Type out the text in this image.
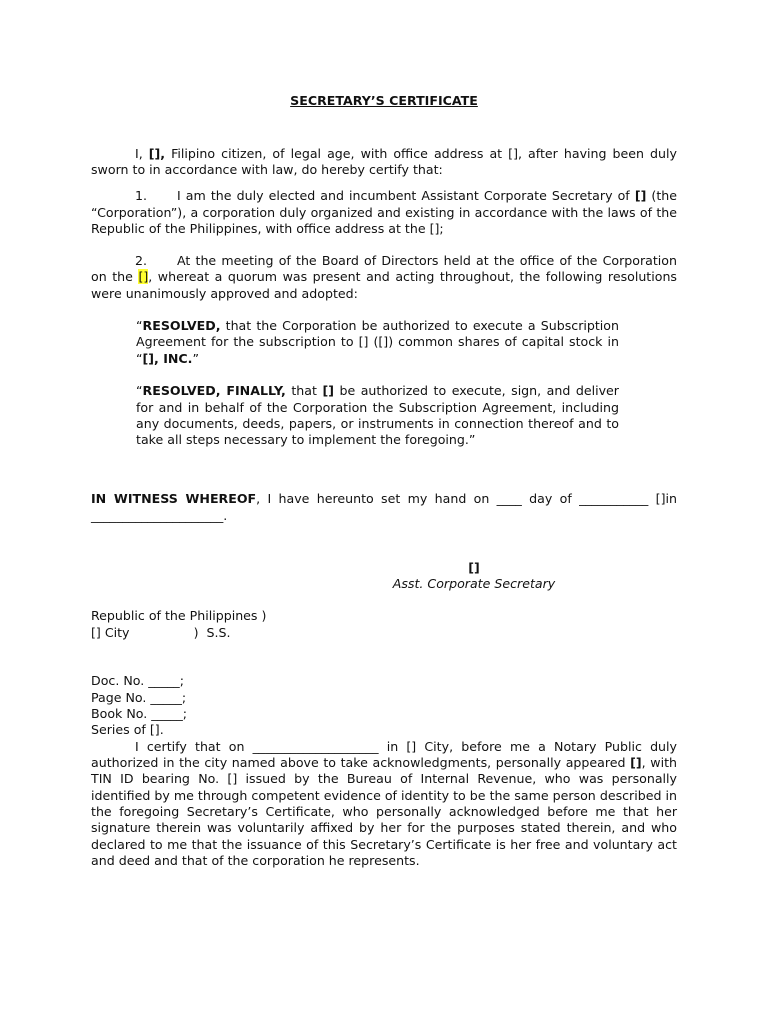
SECRETARY’S CERTIFICATE

I, [], Filipino citizen, of legal age, with office address at [], after having been duly

sworn to in accordance with law, do hereby certify that:

1. I am the duly elected and incumbent Assistant Corporate Secretary of [] (the

“Corporation”), a corporation duly organized and existing in accordance with the laws of the

Republic of the Philippines, with office address at the [];

2. At the meeting of the Board of Directors held at the office of the Corporation

on the [], whereat a quorum was present and acting throughout, the following resolutions

were unanimously approved and adopted:

“RESOLVED, that the Corporation be authorized to execute a Subscription

Agreement for the subscription to [] ([]) common shares of capital stock in

“[], INC.”

“RESOLVED, FINALLY, that [] be authorized to execute, sign, and deliver

for and in behalf of the Corporation the Subscription Agreement, including

any documents, deeds, papers, or instruments in connection thereof and to

take all steps necessary to implement the foregoing.”

IN WITNESS WHEREOF, I have hereunto set my hand on ____ day of ___________ []in

_____________________.

[]

Asst. Corporate Secretary

Republic of the Philippines )

[] City                )  S.S.

Doc. No. _____;

Page No. _____;

Book No. _____;

Series of [].

I certify that on ____________________ in [] City, before me a Notary Public duly

authorized in the city named above to take acknowledgments, personally appeared [], with

TIN ID bearing No. [] issued by the Bureau of Internal Revenue, who was personally

identified by me through competent evidence of identity to be the same person described in

the foregoing Secretary’s Certificate, who personally acknowledged before me that her

signature therein was voluntarily affixed by her for the purposes stated therein, and who

declared to me that the issuance of this Secretary’s Certificate is her free and voluntary act

and deed and that of the corporation he represents.
